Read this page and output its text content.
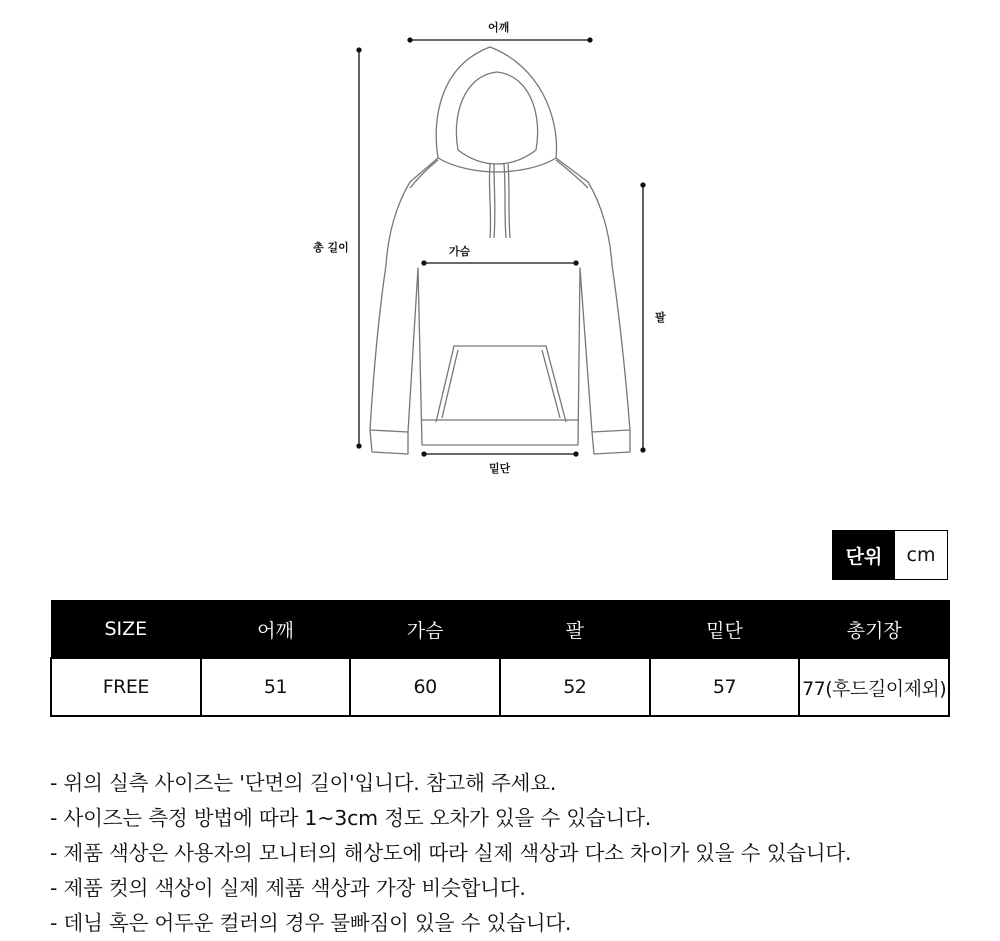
어깨
총 길이	가슴
팔
밑단
단위	cm
SIZE	어깨	가슴	팔	밑단	총기장
FREE	51	60	52	57	77(후드길이제외)
- 위의 실측 사이즈는 '단면의 길이'입니다. 참고해 주세요.
- 사이즈는 측정 방법에 따라 1~3cm 정도 오차가 있을 수 있습니다.
- 제품 색상은 사용자의 모니터의 해상도에 따라 실제 색상과 다소 차이가 있을 수 있습니다.
- 제품 컷의 색상이 실제 제품 색상과 가장 비슷합니다.
- 데님 혹은 어두운 컬러의 경우 물빠짐이 있을 수 있습니다.
